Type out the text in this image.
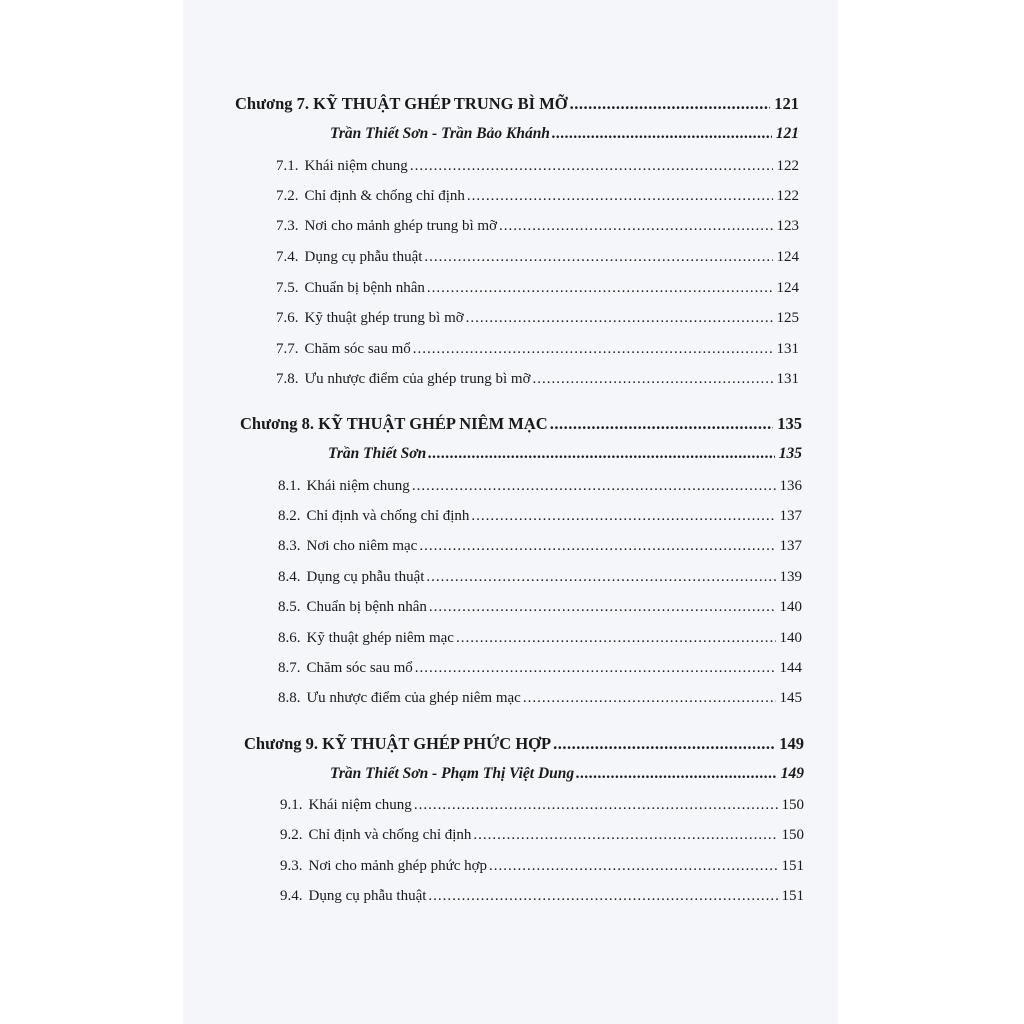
Chương 7. KỸ THUẬT GHÉP TRUNG BÌ MỠ .....	121
Trần Thiết Sơn - Trần Bảo Khánh .....	121
7.1. Khái niệm chung .....	122
7.2. Chỉ định & chống chỉ định .....	122
7.3. Nơi cho mảnh ghép trung bì mỡ .....	123
7.4. Dụng cụ phẫu thuật .....	124
7.5. Chuẩn bị bệnh nhân .....	124
7.6. Kỹ thuật ghép trung bì mỡ .....	125
7.7. Chăm sóc sau mổ .....	131
7.8. Ưu nhược điểm của ghép trung bì mỡ .....	131
Chương 8. KỸ THUẬT GHÉP NIÊM MẠC .....	135
Trần Thiết Sơn .....	135
8.1. Khái niệm chung .....	136
8.2. Chỉ định và chống chỉ định .....	137
8.3. Nơi cho niêm mạc .....	137
8.4. Dụng cụ phẫu thuật .....	139
8.5. Chuẩn bị bệnh nhân .....	140
8.6. Kỹ thuật ghép niêm mạc .....	140
8.7. Chăm sóc sau mổ .....	144
8.8. Ưu nhược điểm của ghép niêm mạc .....	145
Chương 9. KỸ THUẬT GHÉP PHỨC HỢP .....	149
Trần Thiết Sơn - Phạm Thị Việt Dung .....	149
9.1. Khái niệm chung .....	150
9.2. Chỉ định và chống chỉ định .....	150
9.3. Nơi cho mảnh ghép phức hợp .....	151
9.4. Dụng cụ phẫu thuật .....	151
